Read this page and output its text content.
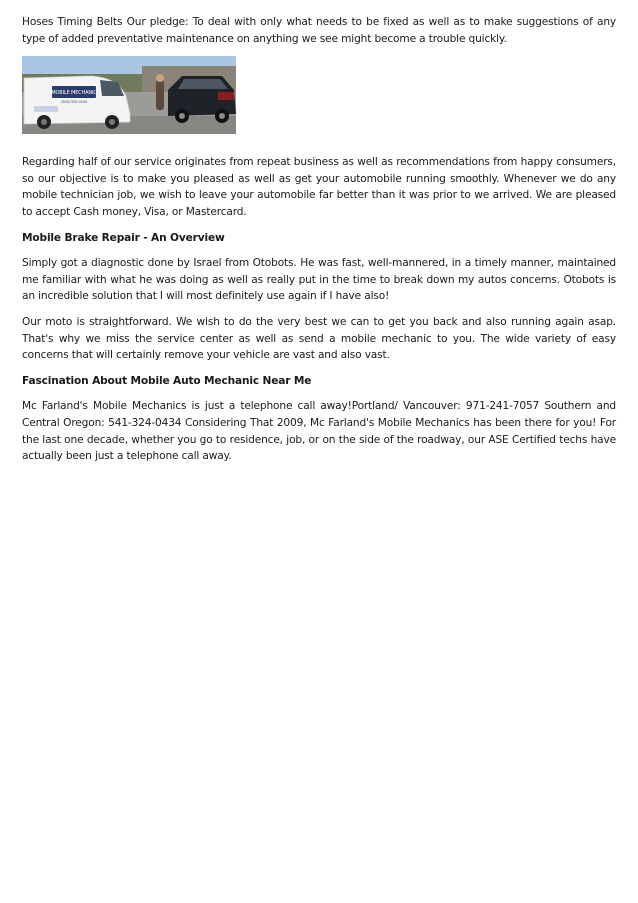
Hoses Timing Belts Our pledge: To deal with only what needs to be fixed as well as to make suggestions of any type of added preventative maintenance on anything we see might become a trouble quickly.

MOBILE MECHANIC
(503) 555-0100

Regarding half of our service originates from repeat business as well as recommendations from happy consumers, so our objective is to make you pleased as well as get your automobile running smoothly. Whenever we do any mobile technician job, we wish to leave your automobile far better than it was prior to we arrived. We are pleased to accept Cash money, Visa, or Mastercard.

Mobile Brake Repair - An Overview

Simply got a diagnostic done by Israel from Otobots. He was fast, well-mannered, in a timely manner, maintained me familiar with what he was doing as well as really put in the time to break down my autos concerns. Otobots is an incredible solution that I will most definitely use again if I have also!

Our moto is straightforward. We wish to do the very best we can to get you back and also running again asap. That's why we miss the service center as well as send a mobile mechanic to you. The wide variety of easy concerns that will certainly remove your vehicle are vast and also vast.

Fascination About Mobile Auto Mechanic Near Me

Mc Farland's Mobile Mechanics is just a telephone call away!Portland/ Vancouver: 971-241-7057 Southern and Central Oregon: 541-324-0434 Considering That 2009, Mc Farland's Mobile Mechanics has been there for you! For the last one decade, whether you go to residence, job, or on the side of the roadway, our ASE Certified techs have actually been just a telephone call away.
